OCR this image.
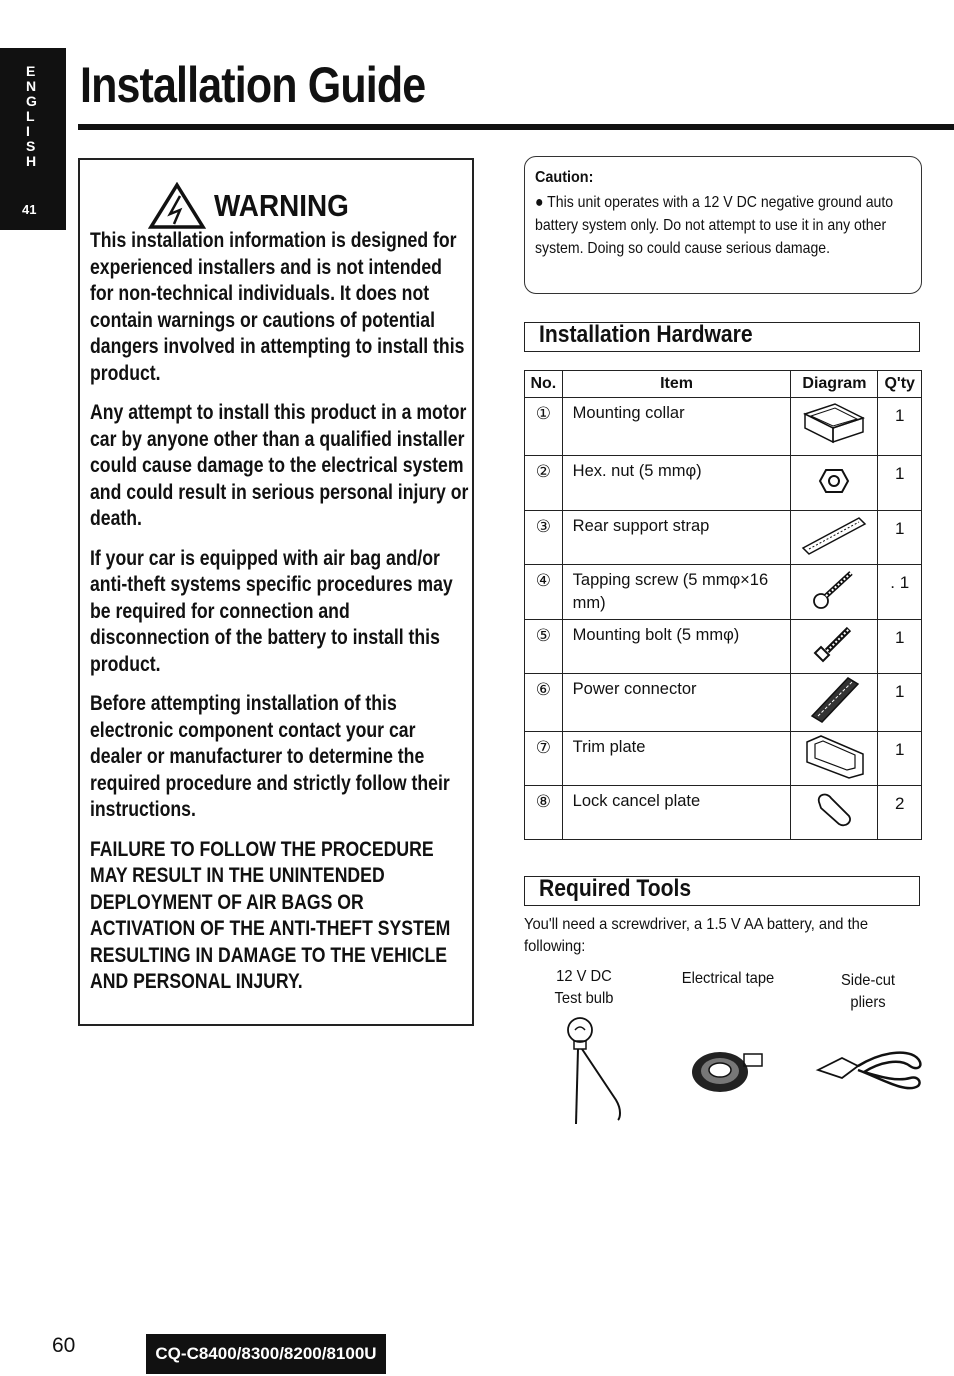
E
N
G
L
I
S
H
41
Installation Guide
WARNING

This installation information is designed for experienced installers and is not intended for non-technical individuals. It does not contain warnings or cautions of potential dangers involved in attempting to install this product.

Any attempt to install this product in a motor car by anyone other than a qualified installer could cause damage to the electrical system and could result in serious personal injury or death.

If your car is equipped with air bag and/or anti-theft systems specific procedures may be required for connection and disconnection of the battery to install this product.

Before attempting installation of this electronic component contact your car dealer or manufacturer to determine the required procedure and strictly follow their instructions.

FAILURE TO FOLLOW THE PROCEDURE MAY RESULT IN THE UNINTENDED DEPLOYMENT OF AIR BAGS OR ACTIVATION OF THE ANTI-THEFT SYSTEM RESULTING IN DAMAGE TO THE VEHICLE AND PERSONAL INJURY.

Caution:
● This unit operates with a 12 V DC negative ground auto battery system only. Do not attempt to use it in any other system. Doing so could cause serious damage.
Installation Hardware
No.	Item	Diagram	Q'ty
①	Mounting collar		1
②	Hex. nut (5 mmφ)		1
③	Rear support strap		1
④	Tapping screw (5 mmφ×16 mm)		. 1
⑤	Mounting bolt (5 mmφ)		1
⑥	Power connector		1
⑦	Trim plate		1
⑧	Lock cancel plate		2
Required Tools
You'll need a screwdriver, a 1.5 V AA battery, and the following:
12 V DC
Test bulb
Electrical tape	Side-cut
pliers
60	CQ-C8400/8300/8200/8100U
